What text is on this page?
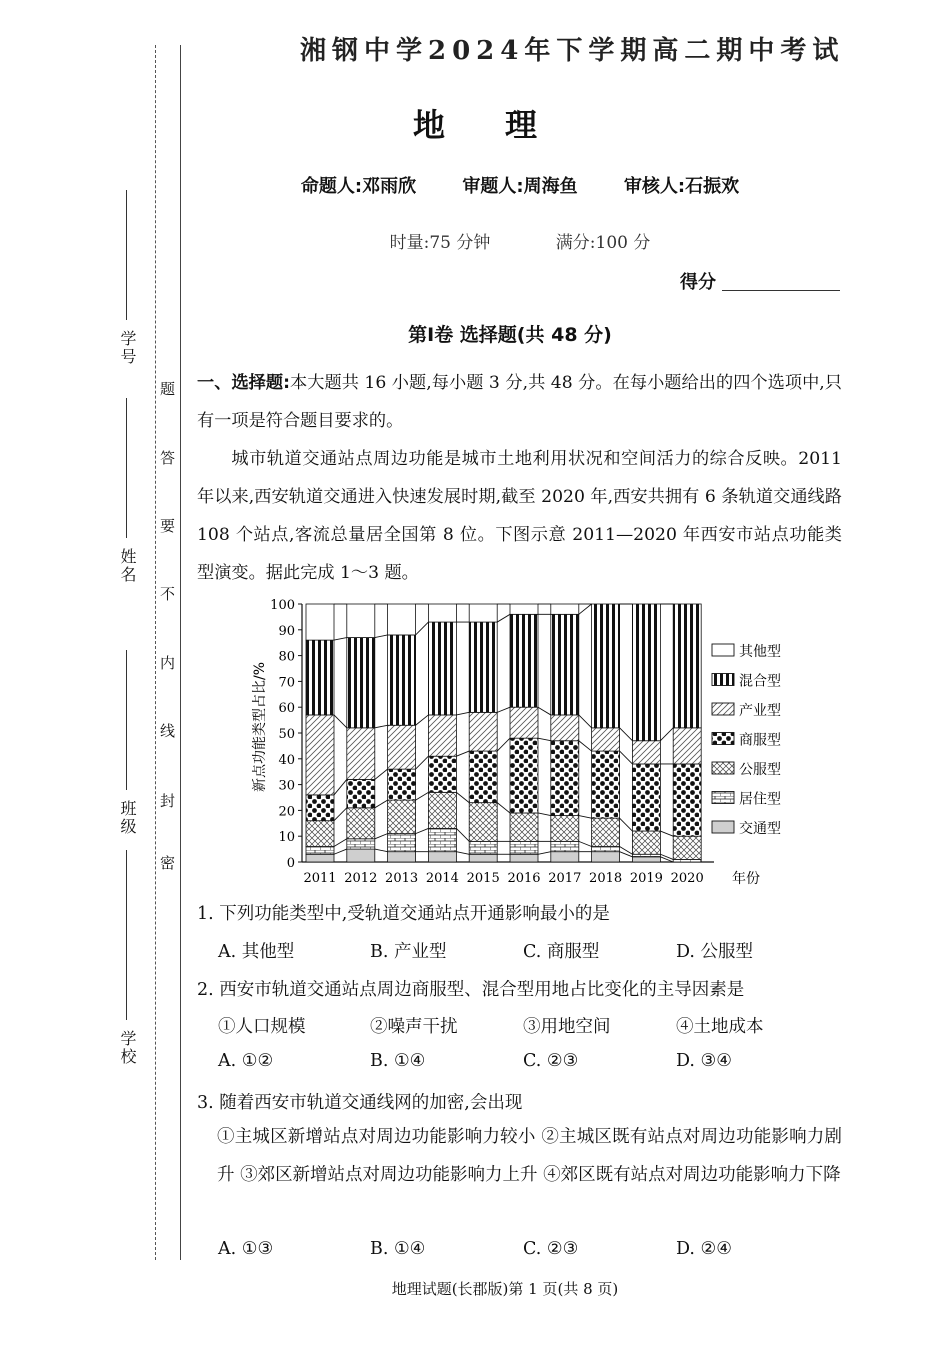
学号
姓名
班级
学校
密
封
线
内
不
要
答
题
湘钢中学2024年下学期高二期中考试
地理
命题人:邓雨欣	审题人:周海鱼	审核人:石振欢
时量:75 分钟	满分:100 分
得分
第Ⅰ卷 选择题(共 48 分)
一、选择题:本大题共 16 小题,每小题 3 分,共 48 分。在每小题给出的四个选项中,只有一项是符合题目要求的。
城市轨道交通站点周边功能是城市土地利用状况和空间活力的综合反映。2011 年以来,西安轨道交通进入快速发展时期,截至 2020 年,西安共拥有 6 条轨道交通线路 108 个站点,客流总量居全国第 8 位。下图示意 2011—2020 年西安市站点功能类型演变。据此完成 1～3 题。
0
10
20
30
40
50
60
70
80
90
100
2011 2012 2013 2014 2015 2016 2017 2018 2019 2020
其他型
混合型
产业型
商服型
公服型
居住型
交通型
新点功能类型占比/%
年份
1. 下列功能类型中,受轨道交通站点开通影响最小的是
A. 其他型	B. 产业型	C. 商服型	D. 公服型
2. 西安市轨道交通站点周边商服型、混合型用地占比变化的主导因素是
①人口规模	②噪声干扰	③用地空间	④土地成本
A. ①②	B. ①④	C. ②③	D. ③④
3. 随着西安市轨道交通线网的加密,会出现
①主城区新增站点对周边功能影响力较小 ②主城区既有站点对周边功能影响力剧升 ③郊区新增站点对周边功能影响力上升 ④郊区既有站点对周边功能影响力下降
A. ①③	B. ①④	C. ②③	D. ②④
地理试题(长郡版)第 1 页(共 8 页)
